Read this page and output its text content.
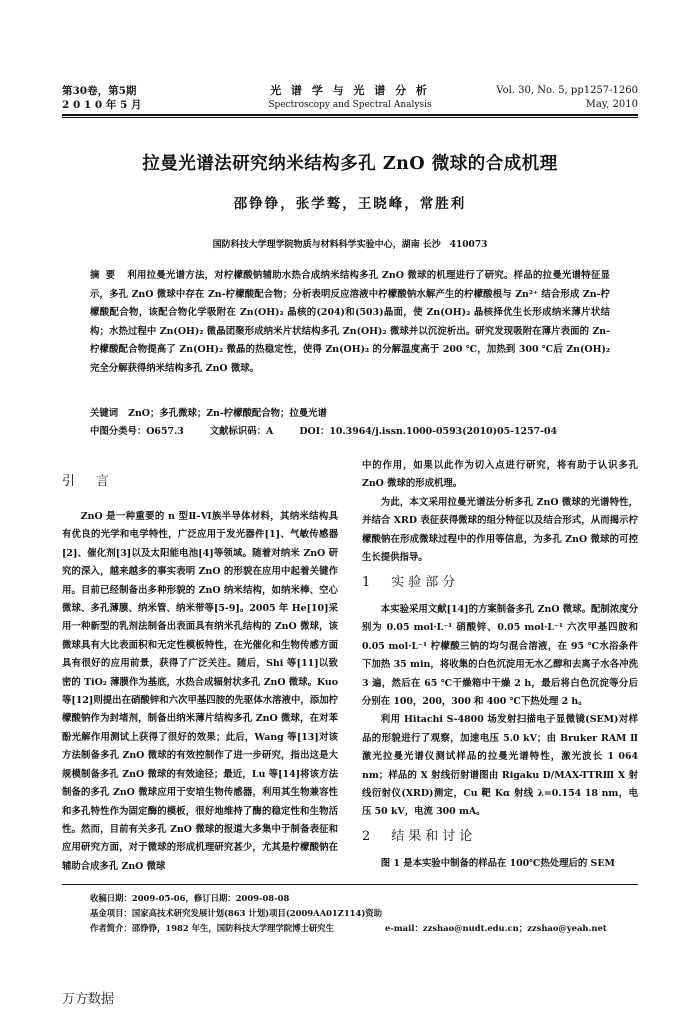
第30卷，第5期
2 0 1 0 年 5 月
光 谱 学 与 光 谱 分 析
Spectroscopy and Spectral Analysis
Vol. 30, No. 5, pp1257-1260
May, 2010
拉曼光谱法研究纳米结构多孔 ZnO 微球的合成机理
邵铮铮，张学骜，王晓峰，常胜利
国防科技大学理学院物质与材料科学实验中心，湖南 长沙　410073
摘要 利用拉曼光谱方法，对柠檬酸钠辅助水热合成纳米结构多孔 ZnO 微球的机理进行了研究。样品的拉曼光谱特征显示，多孔 ZnO 微球中存在 Zn-柠檬酸配合物；分析表明反应溶液中柠檬酸钠水解产生的柠檬酸根与 Zn²⁺ 结合形成 Zn-柠檬酸配合物，该配合物化学吸附在 Zn(OH)₂ 晶核的(204)和(503)晶面，使 Zn(OH)₂ 晶核择优生长形成纳米薄片状结构；水热过程中 Zn(OH)₂ 微晶团聚形成纳米片状结构多孔 Zn(OH)₂ 微球并以沉淀析出。研究发现吸附在薄片表面的 Zn-柠檬酸配合物提高了 Zn(OH)₂ 微晶的热稳定性，使得 Zn(OH)₂ 的分解温度高于 200 ℃，加热到 300 ℃后 Zn(OH)₂ 完全分解获得纳米结构多孔 ZnO 微球。
关键词 ZnO；多孔微球；Zn-柠檬酸配合物；拉曼光谱
中图分类号：O657.3	文献标识码：A	DOI：10.3964/j.issn.1000-0593(2010)05-1257-04
引　言

ZnO 是一种重要的 n 型Ⅱ-Ⅵ族半导体材料，其纳米结构具有优良的光学和电学特性，广泛应用于发光器件[1]、气敏传感器[2]、催化剂[3]以及太阳能电池[4]等领域。随着对纳米 ZnO 研究的深入，越来越多的事实表明 ZnO 的形貌在应用中起着关键作用。目前已经制备出多种形貌的 ZnO 纳米结构，如纳米棒、空心微球、多孔薄膜、纳米管、纳米带等[5-9]。2005 年 He[10]采用一种新型的乳剂法制备出表面具有纳米孔结构的 ZnO 微球，该微球具有大比表面积和无定性模板特性，在光催化和生物传感方面具有很好的应用前景，获得了广泛关注。随后，Shi 等[11]以致密的 TiO₂ 薄膜作为基底，水热合成辐射状多孔 ZnO 微球。Kuo 等[12]则提出在硝酸锌和六次甲基四胺的先驱体水溶液中，添加柠檬酸钠作为封堵剂，制备出纳米薄片结构多孔 ZnO 微球，在对苯酚光解作用测试上获得了很好的效果；此后，Wang 等[13]对该方法制备多孔 ZnO 微球的有效控制作了进一步研究，指出这是大规模制备多孔 ZnO 微球的有效途径；最近，Lu 等[14]将该方法制备的多孔 ZnO 微球应用于安培生物传感器，利用其生物兼容性和多孔特性作为固定酶的模板，很好地维持了酶的稳定性和生物活性。然而，目前有关多孔 ZnO 微球的报道大多集中于制备表征和应用研究方面，对于微球的形成机理研究甚少，尤其是柠檬酸钠在辅助合成多孔 ZnO 微球

中的作用，如果以此作为切入点进行研究，将有助于认识多孔 ZnO 微球的形成机理。

为此，本文采用拉曼光谱法分析多孔 ZnO 微球的光谱特性，并结合 XRD 表征获得微球的组分特征以及结合形式，从而揭示柠檬酸钠在形成微球过程中的作用等信息，为多孔 ZnO 微球的可控生长提供指导。

1　实验部分

本实验采用文献[14]的方案制备多孔 ZnO 微球。配制浓度分别为 0.05 mol·L⁻¹ 硝酸锌、0.05 mol·L⁻¹ 六次甲基四胺和 0.05 mol·L⁻¹ 柠檬酸三钠的均匀混合溶液，在 95 ℃水浴条件下加热 35 min，将收集的白色沉淀用无水乙醇和去离子水各冲洗 3 遍，然后在 65 ℃干燥箱中干燥 2 h，最后将白色沉淀等分后分别在 100，200，300 和 400 ℃下热处理 2 h。

利用 Hitachi S-4800 场发射扫描电子显微镜(SEM)对样品的形貌进行了观察，加速电压 5.0 kV；由 Bruker RAM Ⅱ 激光拉曼光谱仪测试样品的拉曼光谱特性，激光波长 1 064 nm；样品的 X 射线衍射谱图由 Rigaku D/MAX-TTRⅢ X 射线衍射仪(XRD)测定，Cu 靶 Kα 射线 λ=0.154 18 nm，电压 50 kV，电流 300 mA。

2　结果和讨论

图 1 是本实验中制备的样品在 100℃热处理后的 SEM

收稿日期：2009-05-06，修订日期：2009-08-08
基金项目：国家高技术研究发展计划(863 计划)项目(2009AA01Z114)资助
作者简介：邵铮铮，1982 年生，国防科技大学理学院博士研究生	e-mail：zzshao@nudt.edu.cn；zzshao@yeah.net
万方数据
